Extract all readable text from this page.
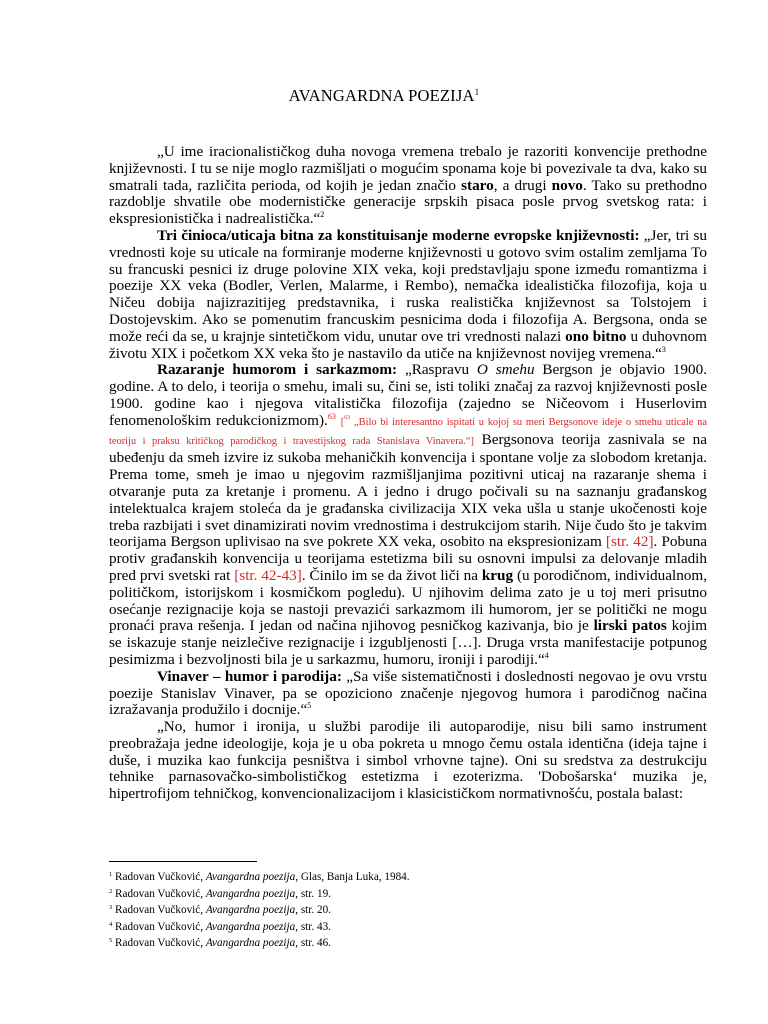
AVANGARDNA POEZIJA$^1$

„U ime iracionalističkog duha novoga vremena trebalo je razoriti konvencije prethodne književnosti. I tu se nije moglo razmišljati o mogućim sponama koje bi povezivale ta dva, kako su smatrali tada, različita perioda, od kojih je jedan značio staro, a drugi novo. Tako su prethodno razdoblje shvatile obe modernističke generacije srpskih pisaca posle prvog svetskog rata: i ekspresionistička i nadrealistička.“$^2$

Tri činioca/uticaja bitna za konstituisanje moderne evropske književnosti: „Jer, tri su vrednosti koje su uticale na formiranje moderne književnosti u gotovo svim ostalim zemljama To su francuski pesnici iz druge polovine XIX veka, koji predstavljaju spone između romantizma i poezije XX veka (Bodler, Verlen, Malarme, i Rembo), nemačka idealistička filozofija, koja u Ničeu dobija najizrazitijeg predstavnika, i ruska realistička književnost sa Tolstojem i Dostojevskim. Ako se pomenutim francuskim pesnicima doda i filozofija A. Bergsona, onda se može reći da se, u krajnje sintetičkom vidu, unutar ove tri vrednosti nalazi ono bitno u duhovnom životu XIX i početkom XX veka što je nastavilo da utiče na književnost novijeg vremena.“$^3$

Razaranje humorom i sarkazmom: „Raspravu O smehu Bergson je objavio 1900. godine. A to delo, i teorija o smehu, imali su, čini se, isti toliki značaj za razvoj književnosti posle 1900. godine kao i njegova vitalistička filozofija (zajedno se Ničeovom i Huserlovim fenomenološkim redukcionizmom).$^{63}$ [$^{63}$ „Bilo bi interesantno ispitati u kojoj su meri Bergsonove ideje o smehu uticale na teoriju i praksu kritičkog parodičkog i travestijskog rada Stanislava Vinavera.“] Bergsonova teorija zasnivala se na ubeđenju da smeh izvire iz sukoba mehaničkih konvencija i spontane volje za slobodom kretanja. Prema tome, smeh je imao u njegovim razmišljanjima pozitivni uticaj na razaranje shema i otvaranje puta za kretanje i promenu. A i jedno i drugo počivali su na saznanju građanskog intelektualca krajem stoleća da je građanska civilizacija XIX veka ušla u stanje ukočenosti koje treba razbijati i svet dinamizirati novim vrednostima i destrukcijom starih. Nije čudo što je takvim teorijama Bergson uplivisao na sve pokrete XX veka, osobito na ekspresionizam [str. 42]. Pobuna protiv građanskih konvencija u teorijama estetizma bili su osnovni impulsi za delovanje mladih pred prvi svetski rat [str. 42-43]. Činilo im se da život liči na krug (u porodičnom, individualnom, političkom, istorijskom i kosmičkom pogledu). U njihovim delima zato je u toj meri prisutno osećanje rezignacije koja se nastoji prevazići sarkazmom ili humorom, jer se politički ne mogu pronaći prava rešenja. I jedan od načina njihovog pesničkog kazivanja, bio je lirski patos kojim se iskazuje stanje neizlečive rezignacije i izgubljenosti […]. Druga vrsta manifestacije potpunog pesimizma i bezvoljnosti bila je u sarkazmu, humoru, ironiji i parodiji.“$^4$

Vinaver – humor i parodija: „Sa više sistematičnosti i doslednosti negovao je ovu vrstu poezije Stanislav Vinaver, pa se opoziciono značenje njegovog humora i parodičnog načina izražavanja produžilo i docnije.“$^5$

„No, humor i ironija, u službi parodije ili autoparodije, nisu bili samo instrument preobražaja jedne ideologije, koja je u oba pokreta u mnogo čemu ostala identična (ideja tajne i duše, i muzika kao funkcija pesništva i simbol vrhovne tajne). Oni su sredstva za destrukciju tehnike parnasovačko-simbolističkog estetizma i ezoterizma. 'Dobošarska‘ muzika je, hipertrofijom tehničkog, konvencionalizacijom i klasicističkom normativnošću, postala balast:

$^1$ Radovan Vučković, Avangardna poezija, Glas, Banja Luka, 1984.
$^2$ Radovan Vučković, Avangardna poezija, str. 19.
$^3$ Radovan Vučković, Avangardna poezija, str. 20.
$^4$ Radovan Vučković, Avangardna poezija, str. 43.
$^5$ Radovan Vučković, Avangardna poezija, str. 46.
